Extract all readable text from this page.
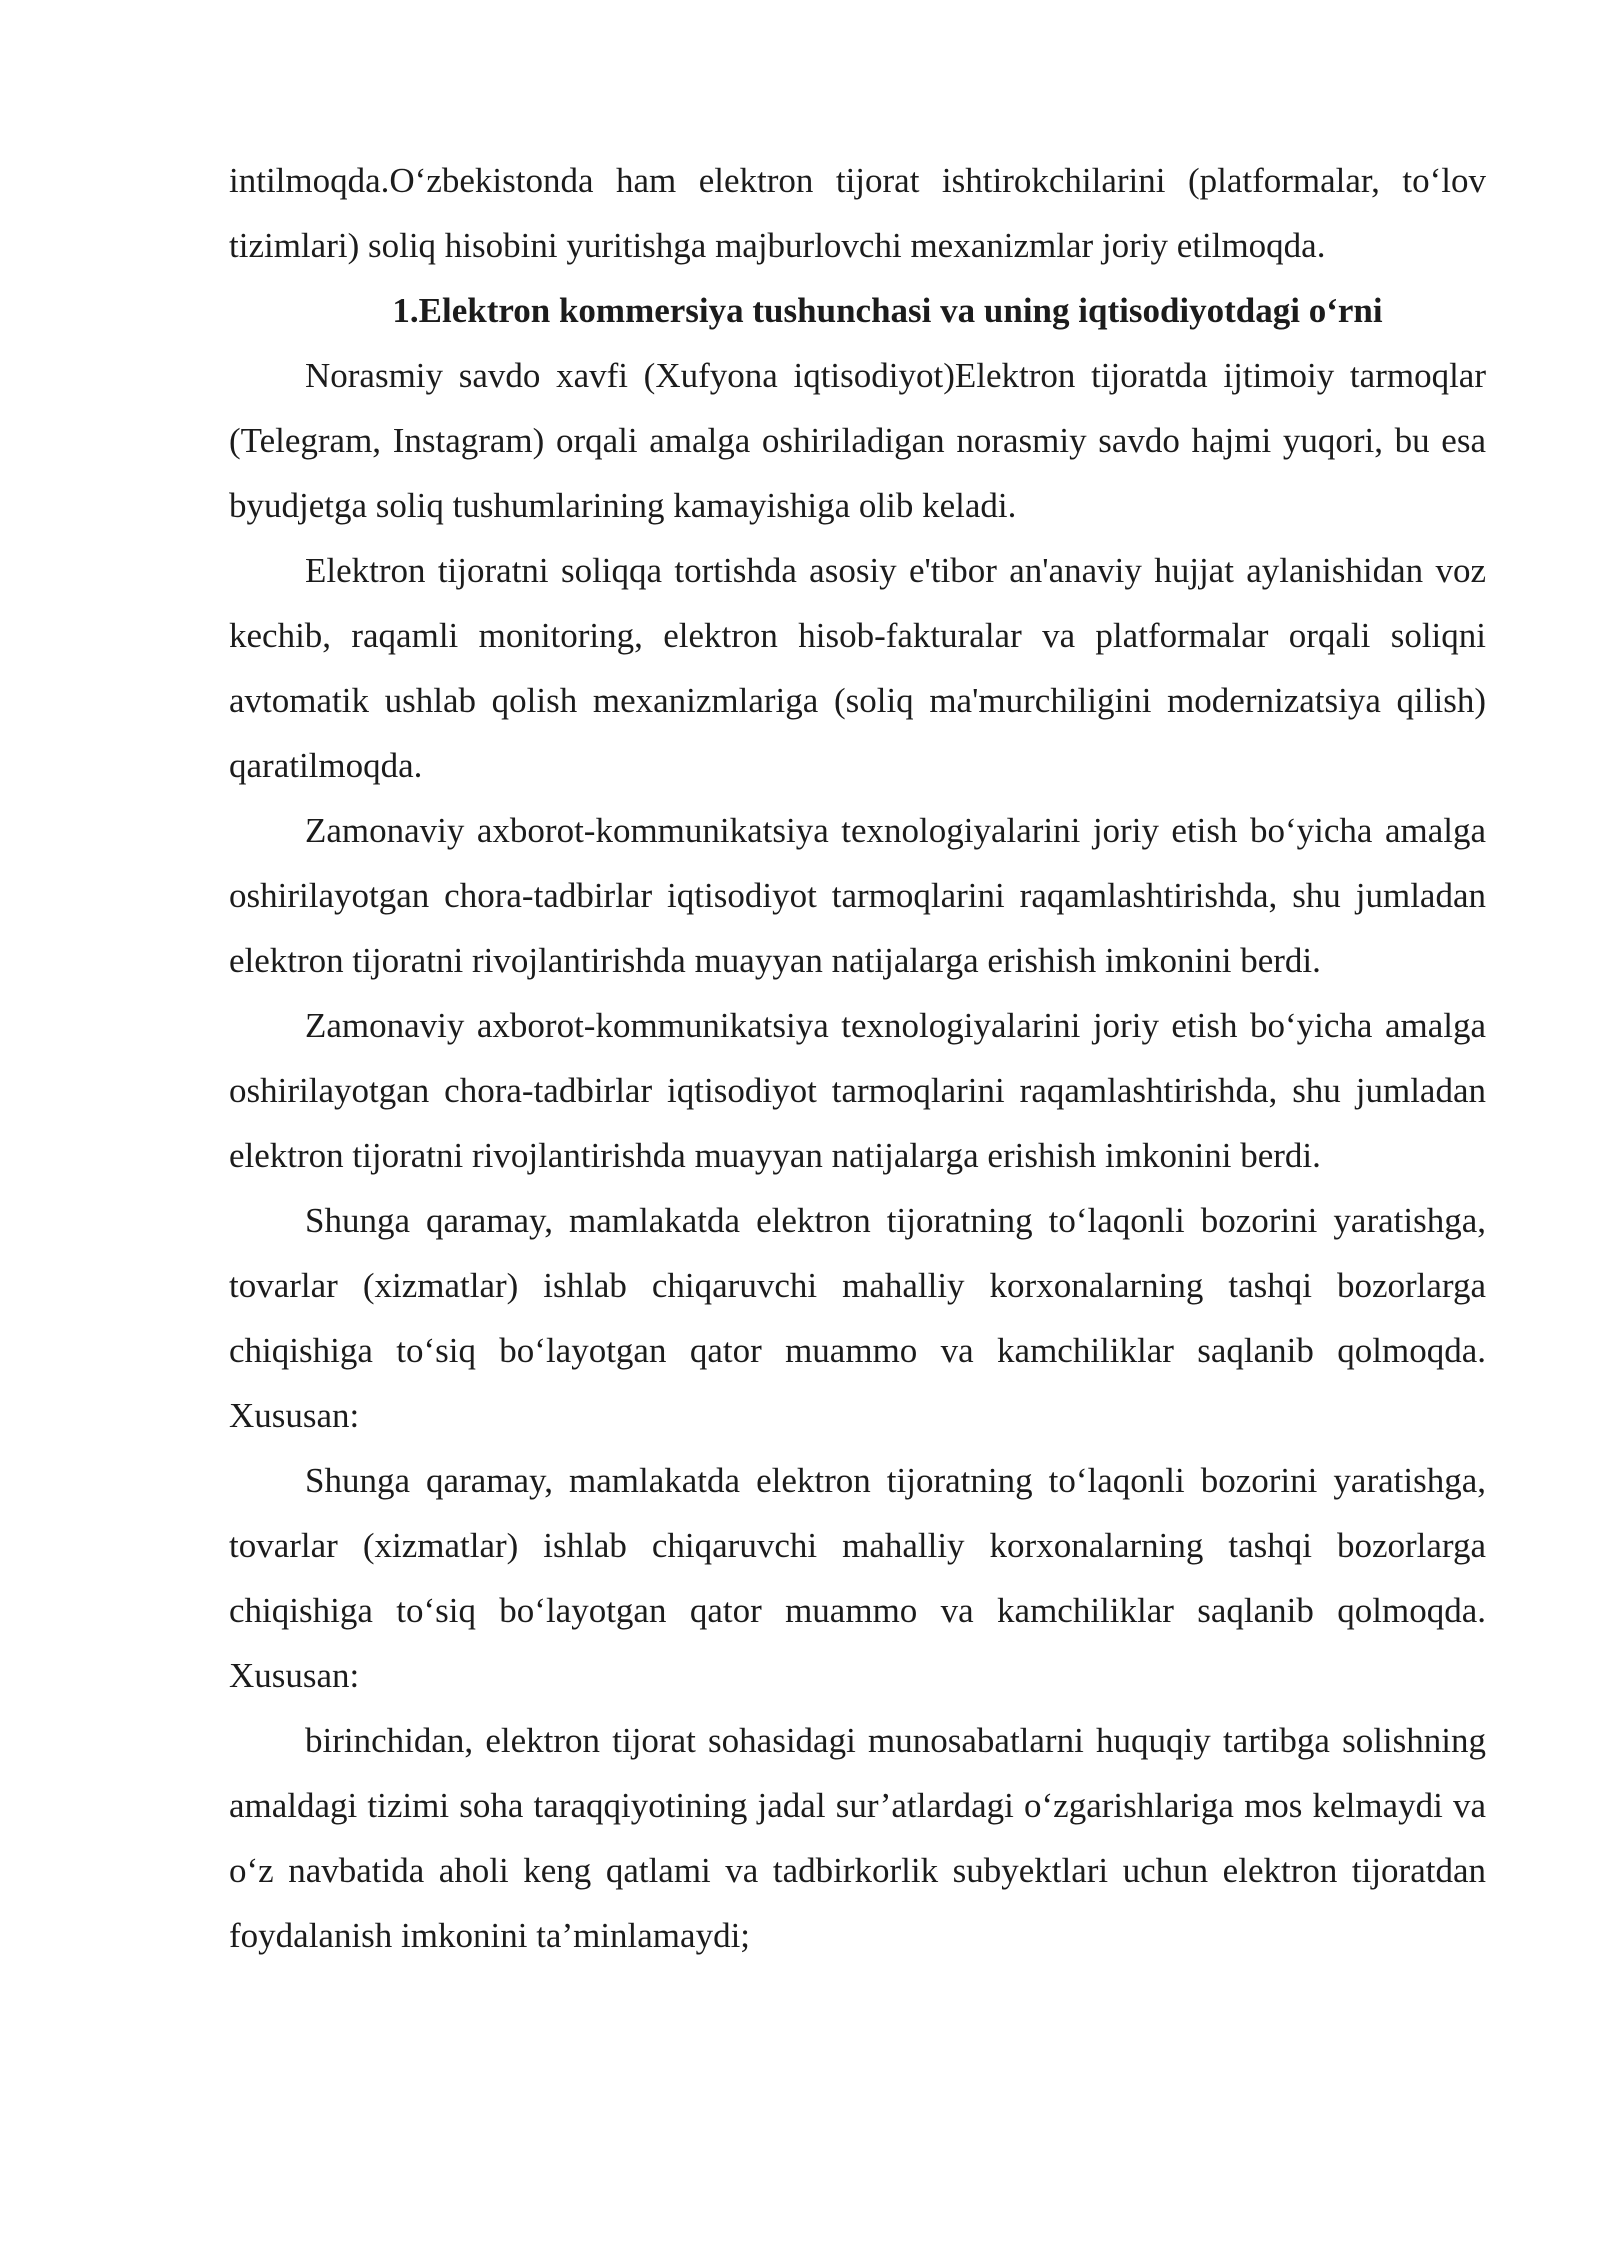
intilmoqda.O‘zbekistonda ham elektron tijorat ishtirokchilarini (platformalar, to‘lov tizimlari) soliq hisobini yuritishga majburlovchi mexanizmlar joriy etilmoqda.

1.Elektron kommersiya tushunchasi va uning iqtisodiyotdagi o‘rni

Norasmiy savdo xavfi (Xufyona iqtisodiyot)Elektron tijoratda ijtimoiy tarmoqlar (Telegram, Instagram) orqali amalga oshiriladigan norasmiy savdo hajmi yuqori, bu esa byudjetga soliq tushumlarining kamayishiga olib keladi.

Elektron tijoratni soliqqa tortishda asosiy e'tibor an'anaviy hujjat aylanishidan voz kechib, raqamli monitoring, elektron hisob-fakturalar va platformalar orqali soliqni avtomatik ushlab qolish mexanizmlariga (soliq ma'murchiligini modernizatsiya qilish) qaratilmoqda.

Zamonaviy axborot-kommunikatsiya texnologiyalarini joriy etish bo‘yicha amalga oshirilayotgan chora-tadbirlar iqtisodiyot tarmoqlarini raqamlashtirishda, shu jumladan elektron tijoratni rivojlantirishda muayyan natijalarga erishish imkonini berdi.

Zamonaviy axborot-kommunikatsiya texnologiyalarini joriy etish bo‘yicha amalga oshirilayotgan chora-tadbirlar iqtisodiyot tarmoqlarini raqamlashtirishda, shu jumladan elektron tijoratni rivojlantirishda muayyan natijalarga erishish imkonini berdi.

Shunga qaramay, mamlakatda elektron tijoratning to‘laqonli bozorini yaratishga, tovarlar (xizmatlar) ishlab chiqaruvchi mahalliy korxonalarning tashqi bozorlarga chiqishiga to‘siq bo‘layotgan qator muammo va kamchiliklar saqlanib qolmoqda. Xususan:

Shunga qaramay, mamlakatda elektron tijoratning to‘laqonli bozorini yaratishga, tovarlar (xizmatlar) ishlab chiqaruvchi mahalliy korxonalarning tashqi bozorlarga chiqishiga to‘siq bo‘layotgan qator muammo va kamchiliklar saqlanib qolmoqda. Xususan:

birinchidan, elektron tijorat sohasidagi munosabatlarni huquqiy tartibga solishning amaldagi tizimi soha taraqqiyotining jadal sur’atlardagi o‘zgarishlariga mos kelmaydi va o‘z navbatida aholi keng qatlami va tadbirkorlik subyektlari uchun elektron tijoratdan foydalanish imkonini ta’minlamaydi;
